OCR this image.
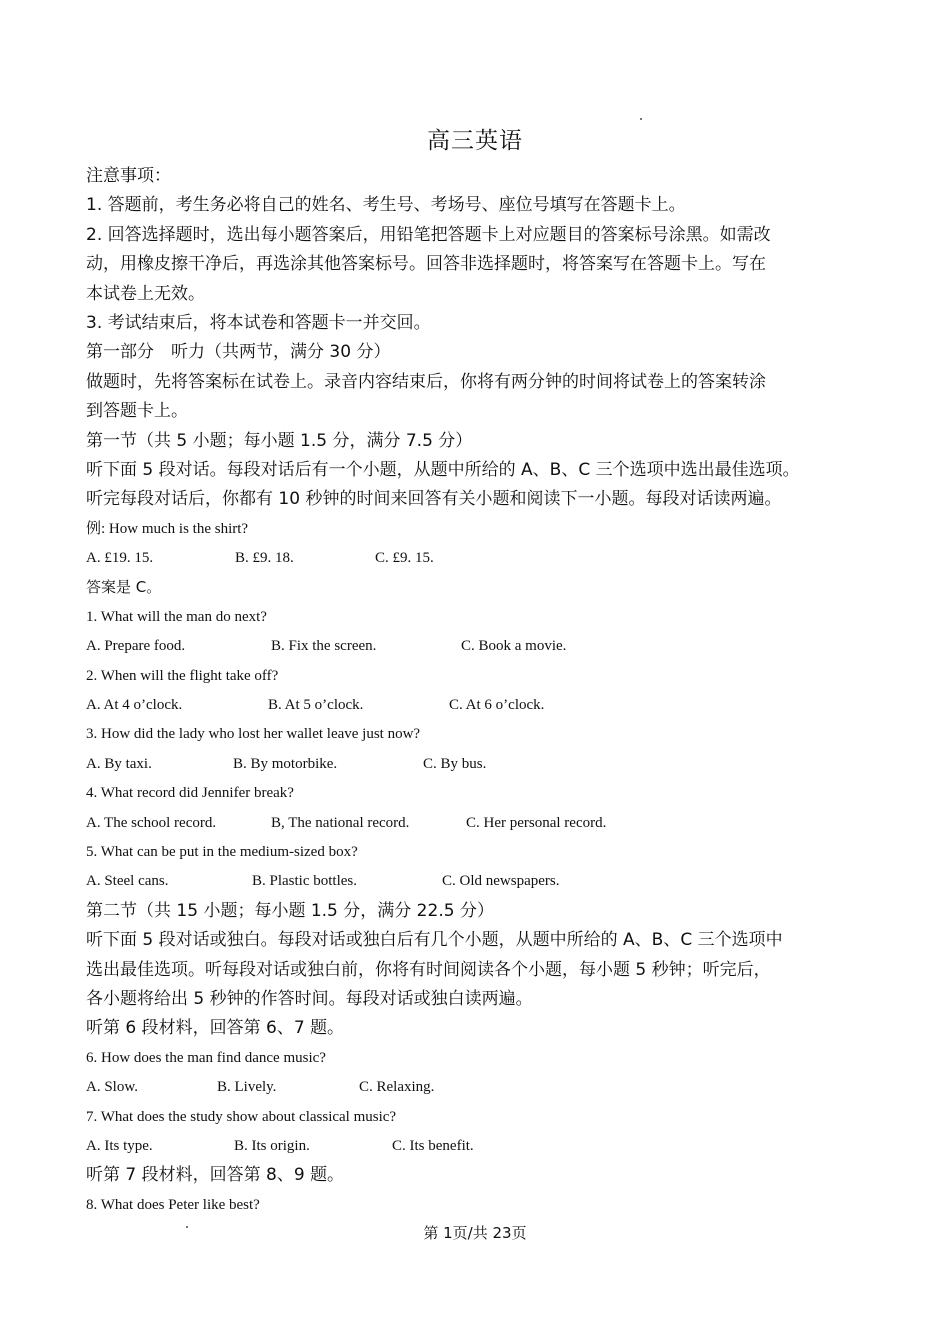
高三英语
注意事项：
1. 答题前，考生务必将自己的姓名、考生号、考场号、座位号填写在答题卡上。
2. 回答选择题时，选出每小题答案后，用铅笔把答题卡上对应题目的答案标号涂黑。如需改
动，用橡皮擦干净后，再选涂其他答案标号。回答非选择题时，将答案写在答题卡上。写在
本试卷上无效。
3. 考试结束后，将本试卷和答题卡一并交回。
第一部分　听力（共两节，满分 30 分）
做题时，先将答案标在试卷上。录音内容结束后，你将有两分钟的时间将试卷上的答案转涂
到答题卡上。
第一节（共 5 小题；每小题 1.5 分，满分 7.5 分）
听下面 5 段对话。每段对话后有一个小题，从题中所给的 A、B、C 三个选项中选出最佳选项。
听完每段对话后，你都有 10 秒钟的时间来回答有关小题和阅读下一小题。每段对话读两遍。
例: How much is the shirt?
A. £19. 15.	B. £9. 18.	C. £9. 15.
答案是 C。
1. What will the man do next?
A. Prepare food.	B. Fix the screen.	C. Book a movie.
2. When will the flight take off?
A. At 4 o’clock.	B. At 5 o’clock.	C. At 6 o’clock.
3. How did the lady who lost her wallet leave just now?
A. By taxi.	B. By motorbike.	C. By bus.
4. What record did Jennifer break?
A. The school record.	B, The national record.	C. Her personal record.
5. What can be put in the medium-sized box?
A. Steel cans.	B. Plastic bottles.	C. Old newspapers.
第二节（共 15 小题；每小题 1.5 分，满分 22.5 分）
听下面 5 段对话或独白。每段对话或独白后有几个小题，从题中所给的 A、B、C 三个选项中
选出最佳选项。听每段对话或独白前，你将有时间阅读各个小题，每小题 5 秒钟；听完后，
各小题将给出 5 秒钟的作答时间。每段对话或独白读两遍。
听第 6 段材料，回答第 6、7 题。
6. How does the man find dance music?
A. Slow.	B. Lively.	C. Relaxing.
7. What does the study show about classical music?
A. Its type.	B. Its origin.	C. Its benefit.
听第 7 段材料，回答第 8、9 题。
8. What does Peter like best?
第 1页/共 23页
